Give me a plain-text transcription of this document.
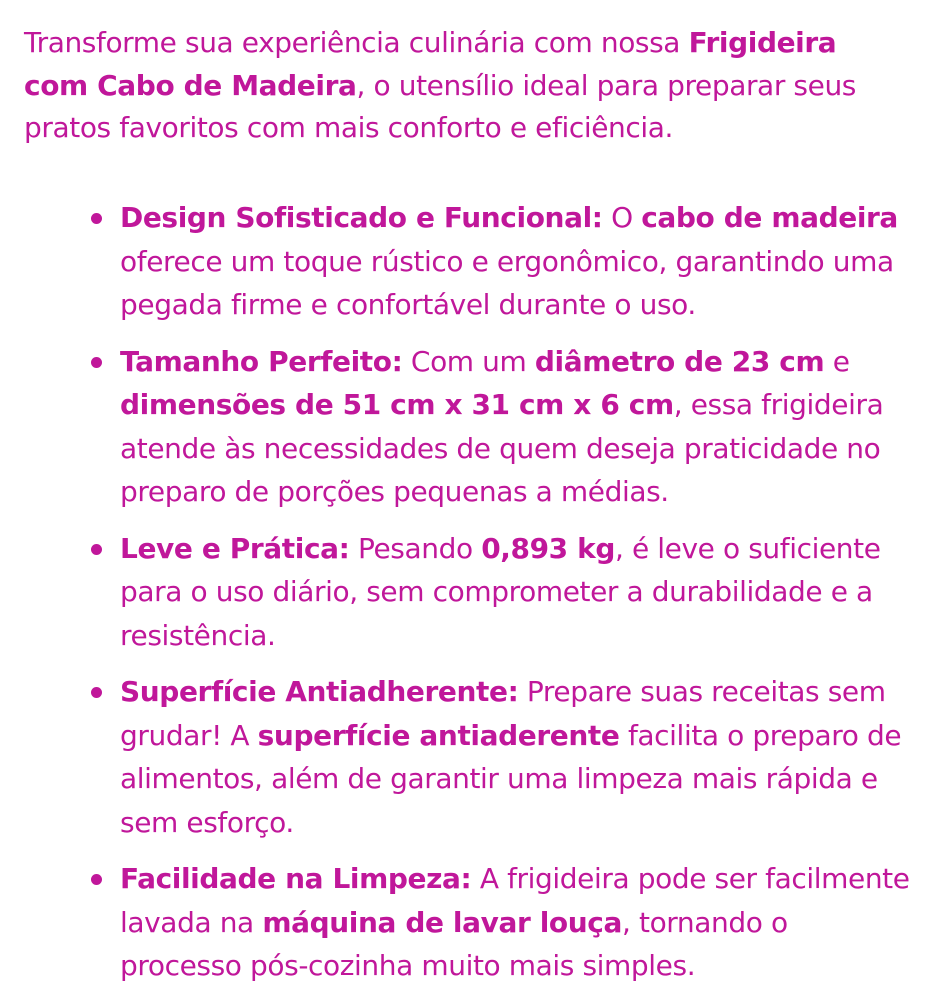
Transforme sua experiência culinária com nossa Frigideira com Cabo de Madeira, o utensílio ideal para preparar seus pratos favoritos com mais conforto e eficiência.

Design Sofisticado e Funcional: O cabo de madeira oferece um toque rústico e ergonômico, garantindo uma pegada firme e confortável durante o uso.
Tamanho Perfeito: Com um diâmetro de 23 cm e dimensões de 51 cm x 31 cm x 6 cm, essa frigideira atende às necessidades de quem deseja praticidade no preparo de porções pequenas a médias.
Leve e Prática: Pesando 0,893 kg, é leve o suficiente para o uso diário, sem comprometer a durabilidade e a resistência.
Superfície Antiadherente: Prepare suas receitas sem grudar! A superfície antiaderente facilita o preparo de alimentos, além de garantir uma limpeza mais rápida e sem esforço.
Facilidade na Limpeza: A frigideira pode ser facilmente lavada na máquina de lavar louça, tornando o processo pós-cozinha muito mais simples.
